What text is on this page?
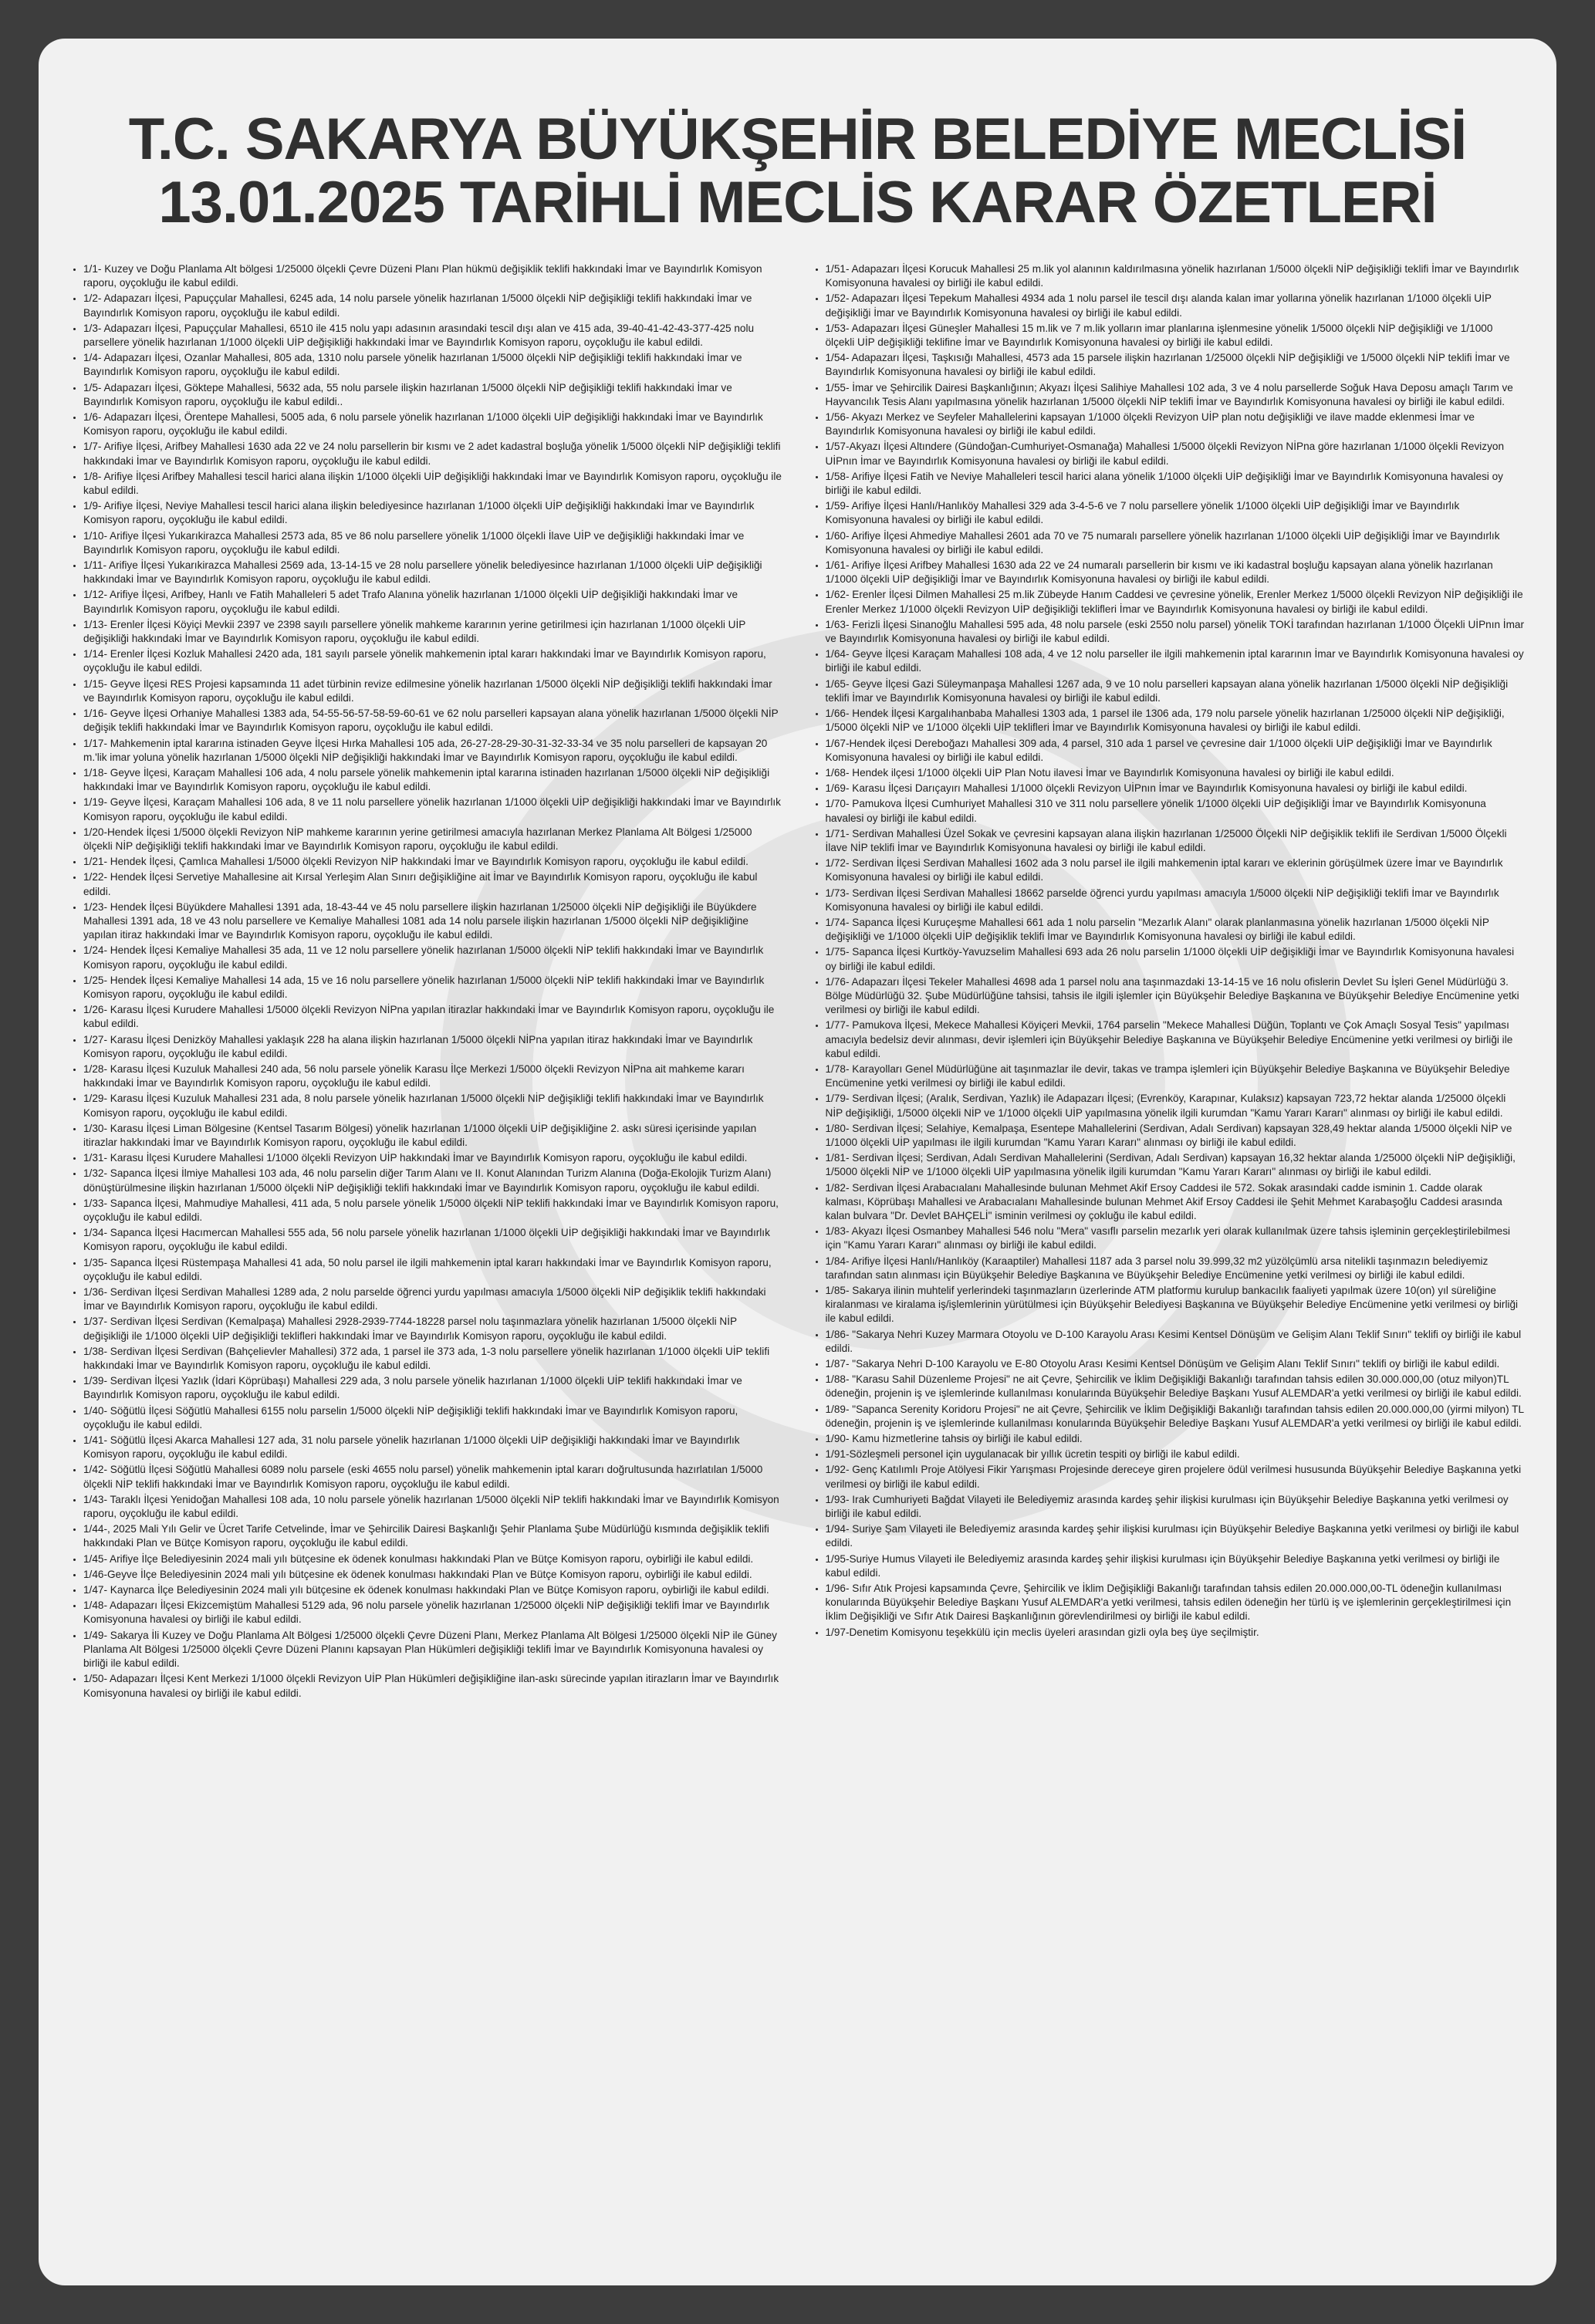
T.C. SAKARYA BÜYÜKŞEHİR BELEDİYE MECLİSİ
13.01.2025 TARİHLİ MECLİS KARAR ÖZETLERİ
• 1/1- Kuzey ve Doğu Planlama Alt bölgesi 1/25000 ölçekli Çevre Düzeni Planı Plan hükmü değişiklik teklifi hakkındaki İmar ve Bayındırlık Komisyon raporu, oyçokluğu ile kabul edildi.
• 1/2- Adapazarı İlçesi, Papuççular Mahallesi, 6245 ada, 14 nolu parsele yönelik hazırlanan 1/5000 ölçekli NİP değişikliği teklifi hakkındaki İmar ve Bayındırlık Komisyon raporu, oyçokluğu ile kabul edildi.
• 1/3- Adapazarı İlçesi, Papuççular Mahallesi, 6510 ile 415 nolu yapı adasının arasındaki tescil dışı alan ve 415 ada, 39-40-41-42-43-377-425 nolu parsellere yönelik hazırlanan 1/1000 ölçekli UİP değişikliği hakkındaki İmar ve Bayındırlık Komisyon raporu, oyçokluğu ile kabul edildi.
• 1/4- Adapazarı İlçesi, Ozanlar Mahallesi, 805 ada, 1310 nolu parsele yönelik hazırlanan 1/5000 ölçekli NİP değişikliği teklifi hakkındaki İmar ve Bayındırlık Komisyon raporu, oyçokluğu ile kabul edildi.
• 1/5- Adapazarı İlçesi, Göktepe Mahallesi, 5632 ada, 55 nolu parsele ilişkin hazırlanan 1/5000 ölçekli NİP değişikliği teklifi hakkındaki İmar ve Bayındırlık Komisyon raporu, oyçokluğu ile kabul edildi..
• 1/6- Adapazarı İlçesi, Örentepe Mahallesi, 5005 ada, 6 nolu parsele yönelik hazırlanan 1/1000 ölçekli UİP değişikliği hakkındaki İmar ve Bayındırlık Komisyon raporu, oyçokluğu ile kabul edildi.
• 1/7- Arifiye İlçesi, Arifbey Mahallesi 1630 ada 22 ve 24 nolu parsellerin bir kısmı ve 2 adet kadastral boşluğa yönelik 1/5000 ölçekli NİP değişikliği teklifi hakkındaki İmar ve Bayındırlık Komisyon raporu, oyçokluğu ile kabul edildi.
• 1/8- Arifiye İlçesi Arifbey Mahallesi tescil harici alana ilişkin 1/1000 ölçekli UİP değişikliği hakkındaki İmar ve Bayındırlık Komisyon raporu, oyçokluğu ile kabul edildi.
• 1/9- Arifiye İlçesi, Neviye Mahallesi tescil harici alana ilişkin belediyesince hazırlanan 1/1000 ölçekli UİP değişikliği hakkındaki İmar ve Bayındırlık Komisyon raporu, oyçokluğu ile kabul edildi.
• 1/10- Arifiye İlçesi Yukarıkirazca Mahallesi 2573 ada, 85 ve 86 nolu parsellere yönelik 1/1000 ölçekli İlave UİP ve değişikliği hakkındaki İmar ve Bayındırlık Komisyon raporu, oyçokluğu ile kabul edildi.
• 1/11- Arifiye İlçesi Yukarıkirazca Mahallesi 2569 ada, 13-14-15 ve 28 nolu parsellere yönelik belediyesince hazırlanan 1/1000 ölçekli UİP değişikliği hakkındaki İmar ve Bayındırlık Komisyon raporu, oyçokluğu ile kabul edildi.
• 1/12- Arifiye İlçesi, Arifbey, Hanlı ve Fatih Mahalleleri 5 adet Trafo Alanına yönelik hazırlanan 1/1000 ölçekli UİP değişikliği hakkındaki İmar ve Bayındırlık Komisyon raporu, oyçokluğu ile kabul edildi.
• 1/13- Erenler İlçesi Köyiçi Mevkii 2397 ve 2398 sayılı parsellere yönelik mahkeme kararının yerine getirilmesi için hazırlanan 1/1000 ölçekli UİP değişikliği hakkındaki İmar ve Bayındırlık Komisyon raporu, oyçokluğu ile kabul edildi.
• 1/14- Erenler İlçesi Kozluk Mahallesi 2420 ada, 181 sayılı parsele yönelik mahkemenin iptal kararı hakkındaki İmar ve Bayındırlık Komisyon raporu, oyçokluğu ile kabul edildi.
• 1/15- Geyve İlçesi RES Projesi kapsamında 11 adet türbinin revize edilmesine yönelik hazırlanan 1/5000 ölçekli NİP değişikliği teklifi hakkındaki İmar ve Bayındırlık Komisyon raporu, oyçokluğu ile kabul edildi.
• 1/16- Geyve İlçesi Orhaniye Mahallesi 1383 ada, 54-55-56-57-58-59-60-61 ve 62 nolu parselleri kapsayan alana yönelik hazırlanan 1/5000 ölçekli NİP değişik teklifi hakkındaki İmar ve Bayındırlık Komisyon raporu, oyçokluğu ile kabul edildi.
• 1/17- Mahkemenin iptal kararına istinaden Geyve İlçesi Hırka Mahallesi 105 ada, 26-27-28-29-30-31-32-33-34 ve 35 nolu parselleri de kapsayan 20 m.'lik imar yoluna yönelik hazırlanan 1/5000 ölçekli NİP değişikliği hakkındaki İmar ve Bayındırlık Komisyon raporu, oyçokluğu ile kabul edildi.
• 1/18- Geyve İlçesi, Karaçam Mahallesi 106 ada, 4 nolu parsele yönelik mahkemenin iptal kararına istinaden hazırlanan 1/5000 ölçekli NİP değişikliği hakkındaki İmar ve Bayındırlık Komisyon raporu, oyçokluğu ile kabul edildi.
• 1/19- Geyve İlçesi, Karaçam Mahallesi 106 ada, 8 ve 11 nolu parsellere yönelik hazırlanan 1/1000 ölçekli UİP değişikliği hakkındaki İmar ve Bayındırlık Komisyon raporu, oyçokluğu ile kabul edildi.
• 1/20-Hendek İlçesi 1/5000 ölçekli Revizyon NİP mahkeme kararının yerine getirilmesi amacıyla hazırlanan Merkez Planlama Alt Bölgesi 1/25000 ölçekli NİP değişikliği teklifi hakkındaki İmar ve Bayındırlık Komisyon raporu, oyçokluğu ile kabul edildi.
• 1/21- Hendek İlçesi, Çamlıca Mahallesi 1/5000 ölçekli Revizyon NİP hakkındaki İmar ve Bayındırlık Komisyon raporu, oyçokluğu ile kabul edildi.
• 1/22- Hendek İlçesi Servetiye Mahallesine ait Kırsal Yerleşim Alan Sınırı değişikliğine ait İmar ve Bayındırlık Komisyon raporu, oyçokluğu ile kabul edildi.
• 1/23- Hendek İlçesi Büyükdere Mahallesi 1391 ada, 18-43-44 ve 45 nolu parsellere ilişkin hazırlanan 1/25000 ölçekli NİP değişikliği ile Büyükdere Mahallesi 1391 ada, 18 ve 43 nolu parsellere ve Kemaliye Mahallesi 1081 ada 14 nolu parsele ilişkin hazırlanan 1/5000 ölçekli NİP değişikliğine yapılan itiraz hakkındaki İmar ve Bayındırlık Komisyon raporu, oyçokluğu ile kabul edildi.
• 1/24- Hendek İlçesi Kemaliye Mahallesi 35 ada, 11 ve 12 nolu parsellere yönelik hazırlanan 1/5000 ölçekli NİP teklifi hakkındaki İmar ve Bayındırlık Komisyon raporu, oyçokluğu ile kabul edildi.
• 1/25- Hendek İlçesi Kemaliye Mahallesi 14 ada, 15 ve 16 nolu parsellere yönelik hazırlanan 1/5000 ölçekli NİP teklifi hakkındaki İmar ve Bayındırlık Komisyon raporu, oyçokluğu ile kabul edildi.
• 1/26- Karasu İlçesi Kurudere Mahallesi 1/5000 ölçekli Revizyon NİPna yapılan itirazlar hakkındaki İmar ve Bayındırlık Komisyon raporu, oyçokluğu ile kabul edildi.
• 1/27- Karasu İlçesi Denizköy Mahallesi yaklaşık 228 ha alana ilişkin hazırlanan 1/5000 ölçekli NİPna yapılan itiraz hakkındaki İmar ve Bayındırlık Komisyon raporu, oyçokluğu ile kabul edildi.
• 1/28- Karasu İlçesi Kuzuluk Mahallesi 240 ada, 56 nolu parsele yönelik Karasu İlçe Merkezi 1/5000 ölçekli Revizyon NİPna ait mahkeme kararı hakkındaki İmar ve Bayındırlık Komisyon raporu, oyçokluğu ile kabul edildi.
• 1/29- Karasu İlçesi Kuzuluk Mahallesi 231 ada, 8 nolu parsele yönelik hazırlanan 1/5000 ölçekli NİP değişikliği teklifi hakkındaki İmar ve Bayındırlık Komisyon raporu, oyçokluğu ile kabul edildi.
• 1/30- Karasu İlçesi Liman Bölgesine (Kentsel Tasarım Bölgesi) yönelik hazırlanan 1/1000 ölçekli UİP değişikliğine 2. askı süresi içerisinde yapılan itirazlar hakkındaki İmar ve Bayındırlık Komisyon raporu, oyçokluğu ile kabul edildi.
• 1/31- Karasu İlçesi Kurudere Mahallesi 1/1000 ölçekli Revizyon UİP hakkındaki İmar ve Bayındırlık Komisyon raporu, oyçokluğu ile kabul edildi.
• 1/32- Sapanca İlçesi İlmiye Mahallesi 103 ada, 46 nolu parselin diğer Tarım Alanı ve II. Konut Alanından Turizm Alanına (Doğa-Ekolojik Turizm Alanı) dönüştürülmesine ilişkin hazırlanan 1/5000 ölçekli NİP değişikliği teklifi hakkındaki İmar ve Bayındırlık Komisyon raporu, oyçokluğu ile kabul edildi.
• 1/33- Sapanca İlçesi, Mahmudiye Mahallesi, 411 ada, 5 nolu parsele yönelik 1/5000 ölçekli NİP teklifi hakkındaki İmar ve Bayındırlık Komisyon raporu, oyçokluğu ile kabul edildi.
• 1/34- Sapanca İlçesi Hacımercan Mahallesi 555 ada, 56 nolu parsele yönelik hazırlanan 1/1000 ölçekli UİP değişikliği hakkındaki İmar ve Bayındırlık Komisyon raporu, oyçokluğu ile kabul edildi.
• 1/35- Sapanca İlçesi Rüstempaşa Mahallesi 41 ada, 50 nolu parsel ile ilgili mahkemenin iptal kararı hakkındaki İmar ve Bayındırlık Komisyon raporu, oyçokluğu ile kabul edildi.
• 1/36- Serdivan İlçesi Serdivan Mahallesi 1289 ada, 2 nolu parselde öğrenci yurdu yapılması amacıyla 1/5000 ölçekli NİP değişiklik teklifi hakkındaki İmar ve Bayındırlık Komisyon raporu, oyçokluğu ile kabul edildi.
• 1/37- Serdivan İlçesi Serdivan (Kemalpaşa) Mahallesi 2928-2939-7744-18228 parsel nolu taşınmazlara yönelik hazırlanan 1/5000 ölçekli NİP değişikliği ile 1/1000 ölçekli UİP değişikliği teklifleri hakkındaki İmar ve Bayındırlık Komisyon raporu, oyçokluğu ile kabul edildi.
• 1/38- Serdivan İlçesi Serdivan (Bahçelievler Mahallesi) 372 ada, 1 parsel ile 373 ada, 1-3 nolu parsellere yönelik hazırlanan 1/1000 ölçekli UİP teklifi hakkındaki İmar ve Bayındırlık Komisyon raporu, oyçokluğu ile kabul edildi.
• 1/39- Serdivan İlçesi Yazlık (İdari Köprübaşı) Mahallesi 229 ada, 3 nolu parsele yönelik hazırlanan 1/1000 ölçekli UİP teklifi hakkındaki İmar ve Bayındırlık Komisyon raporu, oyçokluğu ile kabul edildi.
• 1/40- Söğütlü İlçesi Söğütlü Mahallesi 6155 nolu parselin 1/5000 ölçekli NİP değişikliği teklifi hakkındaki İmar ve Bayındırlık Komisyon raporu, oyçokluğu ile kabul edildi.
• 1/41- Söğütlü İlçesi Akarca Mahallesi 127 ada, 31 nolu parsele yönelik hazırlanan 1/1000 ölçekli UİP değişikliği hakkındaki İmar ve Bayındırlık Komisyon raporu, oyçokluğu ile kabul edildi.
• 1/42- Söğütlü İlçesi Söğütlü Mahallesi 6089 nolu parsele (eski 4655 nolu parsel) yönelik mahkemenin iptal kararı doğrultusunda hazırlatılan 1/5000 ölçekli NİP teklifi hakkındaki İmar ve Bayındırlık Komisyon raporu, oyçokluğu ile kabul edildi.
• 1/43- Taraklı İlçesi Yenidoğan Mahallesi 108 ada, 10 nolu parsele yönelik hazırlanan 1/5000 ölçekli NİP teklifi hakkındaki İmar ve Bayındırlık Komisyon raporu, oyçokluğu ile kabul edildi.
• 1/44-, 2025 Mali Yılı Gelir ve Ücret Tarife Cetvelinde, İmar ve Şehircilik Dairesi Başkanlığı Şehir Planlama Şube Müdürlüğü kısmında değişiklik teklifi hakkındaki Plan ve Bütçe Komisyon raporu, oyçokluğu ile kabul edildi.
• 1/45- Arifiye İlçe Belediyesinin 2024 mali yılı bütçesine ek ödenek konulması hakkındaki Plan ve Bütçe Komisyon raporu, oybirliği ile kabul edildi.
• 1/46-Geyve İlçe Belediyesinin 2024 mali yılı bütçesine ek ödenek konulması hakkındaki Plan ve Bütçe Komisyon raporu, oybirliği ile kabul edildi.
• 1/47- Kaynarca İlçe Belediyesinin 2024 mali yılı bütçesine ek ödenek konulması hakkındaki Plan ve Bütçe Komisyon raporu, oybirliği ile kabul edildi.
• 1/48- Adapazarı İlçesi Ekizcemiştüm Mahallesi 5129 ada, 96 nolu parsele yönelik hazırlanan 1/25000 ölçekli NİP değişikliği teklifi İmar ve Bayındırlık Komisyonuna havalesi oy birliği ile kabul edildi.
• 1/49- Sakarya İli Kuzey ve Doğu Planlama Alt Bölgesi 1/25000 ölçekli Çevre Düzeni Planı, Merkez Planlama Alt Bölgesi 1/25000 ölçekli NİP ile Güney Planlama Alt Bölgesi 1/25000 ölçekli Çevre Düzeni Planını kapsayan Plan Hükümleri değişikliği teklifi İmar ve Bayındırlık Komisyonuna havalesi oy birliği ile kabul edildi.
• 1/50- Adapazarı İlçesi Kent Merkezi 1/1000 ölçekli Revizyon UİP Plan Hükümleri değişikliğine ilan-askı sürecinde yapılan itirazların İmar ve Bayındırlık Komisyonuna havalesi oy birliği ile kabul edildi.
• 1/51- Adapazarı İlçesi Korucuk Mahallesi 25 m.lik yol alanının kaldırılmasına yönelik hazırlanan 1/5000 ölçekli NİP değişikliği teklifi İmar ve Bayındırlık Komisyonuna havalesi oy birliği ile kabul edildi.
• 1/52- Adapazarı İlçesi Tepekum Mahallesi 4934 ada 1 nolu parsel ile tescil dışı alanda kalan imar yollarına yönelik hazırlanan 1/1000 ölçekli UİP değişikliği İmar ve Bayındırlık Komisyonuna havalesi oy birliği ile kabul edildi.
• 1/53- Adapazarı İlçesi Güneşler Mahallesi 15 m.lik ve 7 m.lik yolların imar planlarına işlenmesine yönelik 1/5000 ölçekli NİP değişikliği ve 1/1000 ölçekli UİP değişikliği teklifine İmar ve Bayındırlık Komisyonuna havalesi oy birliği ile kabul edildi.
• 1/54- Adapazarı İlçesi, Taşkısığı Mahallesi, 4573 ada 15 parsele ilişkin hazırlanan 1/25000 ölçekli NİP değişikliği ve 1/5000 ölçekli NİP teklifi İmar ve Bayındırlık Komisyonuna havalesi oy birliği ile kabul edildi.
• 1/55- İmar ve Şehircilik Dairesi Başkanlığının; Akyazı İlçesi Salihiye Mahallesi 102 ada, 3 ve 4 nolu parsellerde Soğuk Hava Deposu amaçlı Tarım ve Hayvancılık Tesis Alanı yapılmasına yönelik hazırlanan 1/5000 ölçekli NİP teklifi İmar ve Bayındırlık Komisyonuna havalesi oy birliği ile kabul edildi.
• 1/56- Akyazı Merkez ve Seyfeler Mahallelerini kapsayan 1/1000 ölçekli Revizyon UİP plan notu değişikliği ve ilave madde eklenmesi İmar ve Bayındırlık Komisyonuna havalesi oy birliği ile kabul edildi.
• 1/57-Akyazı İlçesi Altındere (Gündoğan-Cumhuriyet-Osmanağa) Mahallesi 1/5000 ölçekli Revizyon NİPna göre hazırlanan 1/1000 ölçekli Revizyon UİPnın İmar ve Bayındırlık Komisyonuna havalesi oy birliği ile kabul edildi.
• 1/58- Arifiye İlçesi Fatih ve Neviye Mahalleleri tescil harici alana yönelik 1/1000 ölçekli UİP değişikliği İmar ve Bayındırlık Komisyonuna havalesi oy birliği ile kabul edildi.
• 1/59- Arifiye İlçesi Hanlı/Hanlıköy Mahallesi 329 ada 3-4-5-6 ve 7 nolu parsellere yönelik 1/1000 ölçekli UİP değişikliği İmar ve Bayındırlık Komisyonuna havalesi oy birliği ile kabul edildi.
• 1/60- Arifiye İlçesi Ahmediye Mahallesi 2601 ada 70 ve 75 numaralı parsellere yönelik hazırlanan 1/1000 ölçekli UİP değişikliği İmar ve Bayındırlık Komisyonuna havalesi oy birliği ile kabul edildi.
• 1/61- Arifiye İlçesi Arifbey Mahallesi 1630 ada 22 ve 24 numaralı parsellerin bir kısmı ve iki kadastral boşluğu kapsayan alana yönelik hazırlanan 1/1000 ölçekli UİP değişikliği İmar ve Bayındırlık Komisyonuna havalesi oy birliği ile kabul edildi.
• 1/62- Erenler İlçesi Dilmen Mahallesi 25 m.lik Zübeyde Hanım Caddesi ve çevresine yönelik, Erenler Merkez 1/5000 ölçekli Revizyon NİP değişikliği ile Erenler Merkez 1/1000 ölçekli Revizyon UİP değişikliği teklifleri İmar ve Bayındırlık Komisyonuna havalesi oy birliği ile kabul edildi.
• 1/63- Ferizli İlçesi Sinanoğlu Mahallesi 595 ada, 48 nolu parsele (eski 2550 nolu parsel) yönelik TOKİ tarafından hazırlanan 1/1000 Ölçekli UİPnın İmar ve Bayındırlık Komisyonuna havalesi oy birliği ile kabul edildi.
• 1/64- Geyve İlçesi Karaçam Mahallesi 108 ada, 4 ve 12 nolu parseller ile ilgili mahkemenin iptal kararının İmar ve Bayındırlık Komisyonuna havalesi oy birliği ile kabul edildi.
• 1/65- Geyve İlçesi Gazi Süleymanpaşa Mahallesi 1267 ada, 9 ve 10 nolu parselleri kapsayan alana yönelik hazırlanan 1/5000 ölçekli NİP değişikliği teklifi İmar ve Bayındırlık Komisyonuna havalesi oy birliği ile kabul edildi.
• 1/66- Hendek İlçesi Kargalıhanbaba Mahallesi 1303 ada, 1 parsel ile 1306 ada, 179 nolu parsele yönelik hazırlanan 1/25000 ölçekli NİP değişikliği, 1/5000 ölçekli NİP ve 1/1000 ölçekli UİP teklifleri İmar ve Bayındırlık Komisyonuna havalesi oy birliği ile kabul edildi.
• 1/67-Hendek ilçesi Dereboğazı Mahallesi 309 ada, 4 parsel, 310 ada 1 parsel ve çevresine dair 1/1000 ölçekli UİP değişikliği İmar ve Bayındırlık Komisyonuna havalesi oy birliği ile kabul edildi.
• 1/68- Hendek ilçesi 1/1000 ölçekli UİP Plan Notu ilavesi İmar ve Bayındırlık Komisyonuna havalesi oy birliği ile kabul edildi.
• 1/69- Karasu İlçesi Darıçayırı Mahallesi 1/1000 ölçekli Revizyon UİPnın İmar ve Bayındırlık Komisyonuna havalesi oy birliği ile kabul edildi.
• 1/70- Pamukova İlçesi Cumhuriyet Mahallesi 310 ve 311 nolu parsellere yönelik 1/1000 ölçekli UİP değişikliği İmar ve Bayındırlık Komisyonuna havalesi oy birliği ile kabul edildi.
• 1/71- Serdivan Mahallesi Üzel Sokak ve çevresini kapsayan alana ilişkin hazırlanan 1/25000 Ölçekli NİP değişiklik teklifi ile Serdivan 1/5000 Ölçekli İlave NİP teklifi İmar ve Bayındırlık Komisyonuna havalesi oy birliği ile kabul edildi.
• 1/72- Serdivan İlçesi Serdivan Mahallesi 1602 ada 3 nolu parsel ile ilgili mahkemenin iptal kararı ve eklerinin görüşülmek üzere İmar ve Bayındırlık Komisyonuna havalesi oy birliği ile kabul edildi.
• 1/73- Serdivan İlçesi Serdivan Mahallesi 18662 parselde öğrenci yurdu yapılması amacıyla 1/5000 ölçekli NİP değişikliği teklifi İmar ve Bayındırlık Komisyonuna havalesi oy birliği ile kabul edildi.
• 1/74- Sapanca İlçesi Kuruçeşme Mahallesi 661 ada 1 nolu parselin "Mezarlık Alanı" olarak planlanmasına yönelik hazırlanan 1/5000 ölçekli NİP değişikliği ve 1/1000 ölçekli UİP değişiklik teklifi İmar ve Bayındırlık Komisyonuna havalesi oy birliği ile kabul edildi.
• 1/75- Sapanca İlçesi Kurtköy-Yavuzselim Mahallesi 693 ada 26 nolu parselin 1/1000 ölçekli UİP değişikliği İmar ve Bayındırlık Komisyonuna havalesi oy birliği ile kabul edildi.
• 1/76- Adapazarı İlçesi Tekeler Mahallesi 4698 ada 1 parsel nolu ana taşınmazdaki 13-14-15 ve 16 nolu ofislerin Devlet Su İşleri Genel Müdürlüğü 3. Bölge Müdürlüğü 32. Şube Müdürlüğüne tahsisi, tahsis ile ilgili işlemler için Büyükşehir Belediye Başkanına ve Büyükşehir Belediye Encümenine yetki verilmesi oy birliği ile kabul edildi.
• 1/77- Pamukova İlçesi, Mekece Mahallesi Köyiçeri Mevkii, 1764 parselin "Mekece Mahallesi Düğün, Toplantı ve Çok Amaçlı Sosyal Tesis" yapılması amacıyla bedelsiz devir alınması, devir işlemleri için Büyükşehir Belediye Başkanına ve Büyükşehir Belediye Encümenine yetki verilmesi oy birliği ile kabul edildi.
• 1/78- Karayolları Genel Müdürlüğüne ait taşınmazlar ile devir, takas ve trampa işlemleri için Büyükşehir Belediye Başkanına ve Büyükşehir Belediye Encümenine yetki verilmesi oy birliği ile kabul edildi.
• 1/79- Serdivan İlçesi; (Aralık, Serdivan, Yazlık) ile Adapazarı İlçesi; (Evrenköy, Karapınar, Kulaksız) kapsayan 723,72 hektar alanda 1/25000 ölçekli NİP değişikliği, 1/5000 ölçekli NİP ve 1/1000 ölçekli UİP yapılmasına yönelik ilgili kurumdan "Kamu Yararı Kararı" alınması oy birliği ile kabul edildi.
• 1/80- Serdivan İlçesi; Selahiye, Kemalpaşa, Esentepe Mahallelerini (Serdivan, Adalı Serdivan) kapsayan 328,49 hektar alanda 1/5000 ölçekli NİP ve 1/1000 ölçekli UİP yapılması ile ilgili kurumdan "Kamu Yararı Kararı" alınması oy birliği ile kabul edildi.
• 1/81- Serdivan İlçesi; Serdivan, Adalı Serdivan Mahallelerini (Serdivan, Adalı Serdivan) kapsayan 16,32 hektar alanda 1/25000 ölçekli NİP değişikliği, 1/5000 ölçekli NİP ve 1/1000 ölçekli UİP yapılmasına yönelik ilgili kurumdan "Kamu Yararı Kararı" alınması oy birliği ile kabul edildi.
• 1/82- Serdivan İlçesi Arabacıalanı Mahallesinde bulunan Mehmet Akif Ersoy Caddesi ile 572. Sokak arasındaki cadde isminin 1. Cadde olarak kalması, Köprübaşı Mahallesi ve Arabacıalanı Mahallesinde bulunan Mehmet Akif Ersoy Caddesi ile Şehit Mehmet Karabaşoğlu Caddesi arasında kalan bulvara "Dr. Devlet BAHÇELİ" isminin verilmesi oy çokluğu ile kabul edildi.
• 1/83- Akyazı İlçesi Osmanbey Mahallesi 546 nolu "Mera" vasıflı parselin mezarlık yeri olarak kullanılmak üzere tahsis işleminin gerçekleştirilebilmesi için "Kamu Yararı Kararı" alınması oy birliği ile kabul edildi.
• 1/84- Arifiye İlçesi Hanlı/Hanlıköy (Karaaptiler) Mahallesi 1187 ada 3 parsel nolu 39.999,32 m2 yüzölçümlü arsa nitelikli taşınmazın belediyemiz tarafından satın alınması için Büyükşehir Belediye Başkanına ve Büyükşehir Belediye Encümenine yetki verilmesi oy birliği ile kabul edildi.
• 1/85- Sakarya ilinin muhtelif yerlerindeki taşınmazların üzerlerinde ATM platformu kurulup bankacılık faaliyeti yapılmak üzere 10(on) yıl süreliğine kiralanması ve kiralama iş/işlemlerinin yürütülmesi için Büyükşehir Belediyesi Başkanına ve Büyükşehir Belediye Encümenine yetki verilmesi oy birliği ile kabul edildi.
• 1/86- "Sakarya Nehri Kuzey Marmara Otoyolu ve D-100 Karayolu Arası Kesimi Kentsel Dönüşüm ve Gelişim Alanı Teklif Sınırı" teklifi oy birliği ile kabul edildi.
• 1/87- "Sakarya Nehri D-100 Karayolu ve E-80 Otoyolu Arası Kesimi Kentsel Dönüşüm ve Gelişim Alanı Teklif Sınırı" teklifi oy birliği ile kabul edildi.
• 1/88- "Karasu Sahil Düzenleme Projesi" ne ait Çevre, Şehircilik ve İklim Değişikliği Bakanlığı tarafından tahsis edilen 30.000.000,00 (otuz milyon)TL ödeneğin, projenin iş ve işlemlerinde kullanılması konularında Büyükşehir Belediye Başkanı Yusuf ALEMDAR'a yetki verilmesi oy birliği ile kabul edildi.
• 1/89- "Sapanca Serenity Koridoru Projesi" ne ait Çevre, Şehircilik ve İklim Değişikliği Bakanlığı tarafından tahsis edilen 20.000.000,00 (yirmi milyon) TL ödeneğin, projenin iş ve işlemlerinde kullanılması konularında Büyükşehir Belediye Başkanı Yusuf ALEMDAR'a yetki verilmesi oy birliği ile kabul edildi.
• 1/90- Kamu hizmetlerine tahsis oy birliği ile kabul edildi.
• 1/91-Sözleşmeli personel için uygulanacak bir yıllık ücretin tespiti oy birliği ile kabul edildi.
• 1/92- Genç Katılımlı Proje Atölyesi Fikir Yarışması Projesinde dereceye giren projelere ödül verilmesi hususunda Büyükşehir Belediye Başkanına yetki verilmesi oy birliği ile kabul edildi.
• 1/93- Irak Cumhuriyeti Bağdat Vilayeti ile Belediyemiz arasında kardeş şehir ilişkisi kurulması için Büyükşehir Belediye Başkanına yetki verilmesi oy birliği ile kabul edildi.
• 1/94- Suriye Şam Vilayeti ile Belediyemiz arasında kardeş şehir ilişkisi kurulması için Büyükşehir Belediye Başkanına yetki verilmesi oy birliği ile kabul edildi.
• 1/95-Suriye Humus Vilayeti ile Belediyemiz arasında kardeş şehir ilişkisi kurulması için Büyükşehir Belediye Başkanına yetki verilmesi oy birliği ile kabul edildi.
• 1/96- Sıfır Atık Projesi kapsamında Çevre, Şehircilik ve İklim Değişikliği Bakanlığı tarafından tahsis edilen 20.000.000,00-TL ödeneğin kullanılması konularında Büyükşehir Belediye Başkanı Yusuf ALEMDAR'a yetki verilmesi, tahsis edilen ödeneğin her türlü iş ve işlemlerinin gerçekleştirilmesi için İklim Değişikliği ve Sıfır Atık Dairesi Başkanlığının görevlendirilmesi oy birliği ile kabul edildi.
• 1/97-Denetim Komisyonu teşekkülü için meclis üyeleri arasından gizli oyla beş üye seçilmiştir.
